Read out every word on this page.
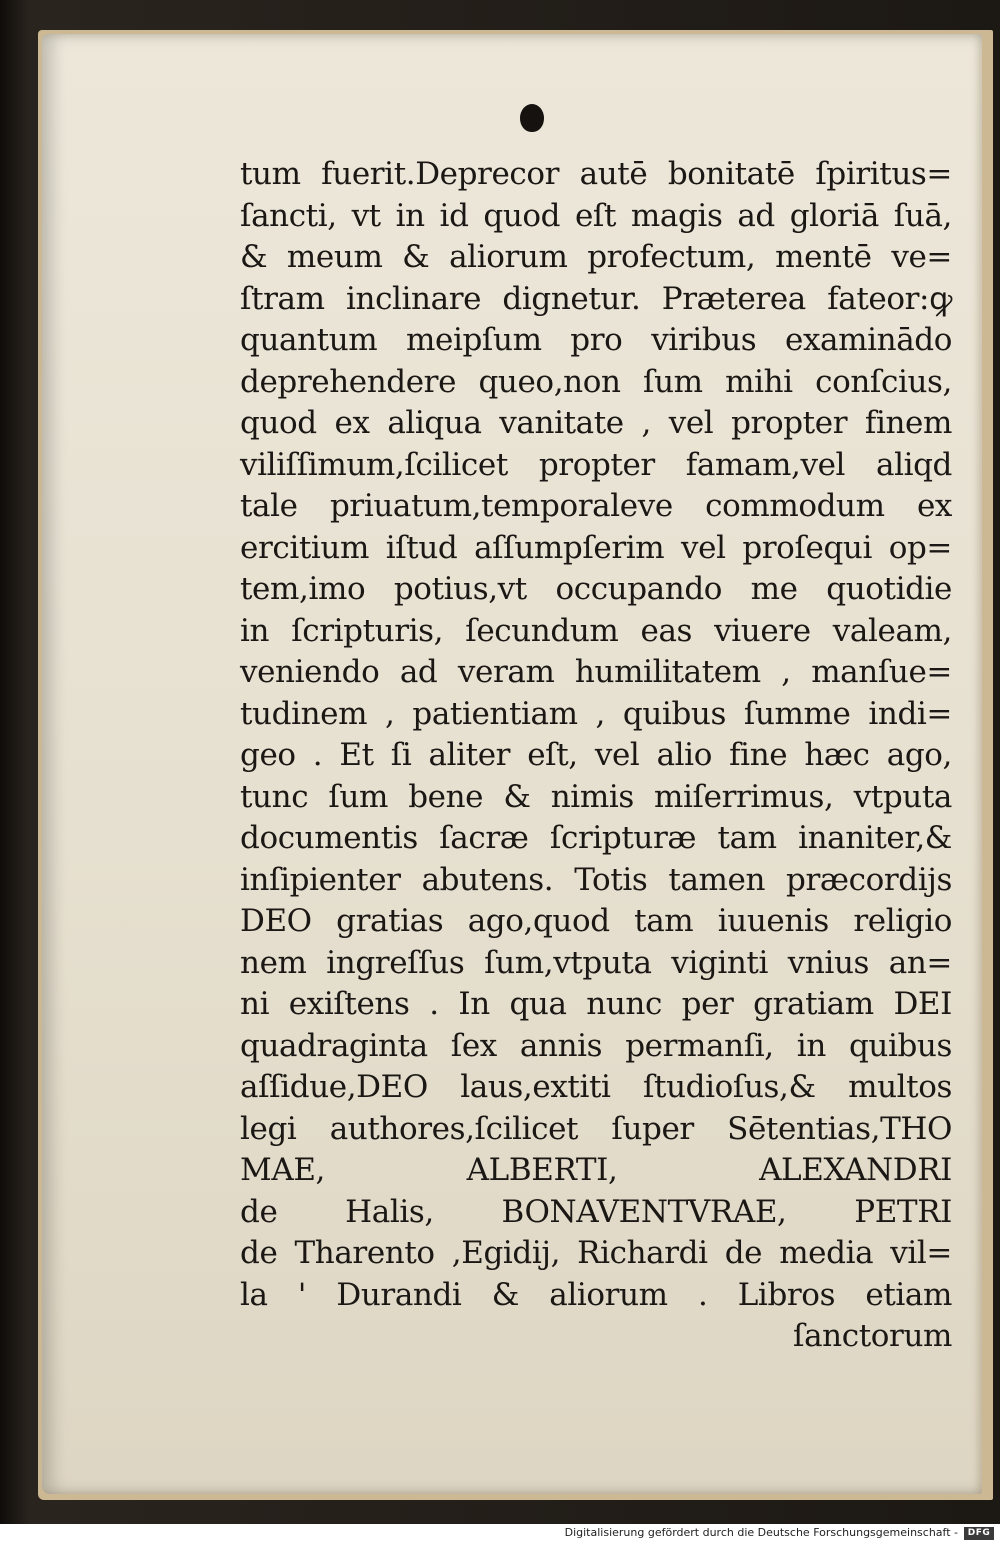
tum fuerit.Deprecor autē bonitatē ſpiritus=
ſancti, vt in id quod eſt magis ad gloriā ſuā,
& meum & aliorum profectum, mentē ve=
ſtram inclinare dignetur. Præterea fateor:ꝙ
quantum meipſum pro viribus examinādo
deprehendere queo,non ſum mihi conſcius,
quod ex aliqua vanitate , vel propter finem
viliſſimum,ſcilicet propter famam,vel aliqd
tale priuatum,temporaleve commodum ex
ercitium iſtud aſſumpſerim vel proſequi op=
tem,imo potius,vt occupando me quotidie
in ſcripturis, ſecundum eas viuere valeam,
veniendo ad veram humilitatem , manſue=
tudinem , patientiam , quibus ſumme indi=
geo . Et ſi aliter eſt, vel alio fine hæc ago,
tunc ſum bene & nimis miſerrimus, vtputa
documentis ſacræ ſcripturæ tam inaniter,&
inſipienter abutens. Totis tamen præcordijs
DEO gratias ago,quod tam iuuenis religio
nem ingreſſus ſum,vtputa viginti vnius an=
ni exiſtens . In qua nunc per gratiam DEI
quadraginta ſex annis permanſi, in quibus
aſſidue,DEO laus,extiti ſtudioſus,& multos
legi authores,ſcilicet ſuper Sētentias,THO
MAE, ALBERTI, ALEXANDRI
de Halis, BONAVENTVRAE, PETRI
de Tharento ,Egidij, Richardi de media vil=
la ' Durandi & aliorum . Libros etiam
ſanctorum
Digitalisierung gefördert durch die Deutsche Forschungsgemeinschaft -	DFG
